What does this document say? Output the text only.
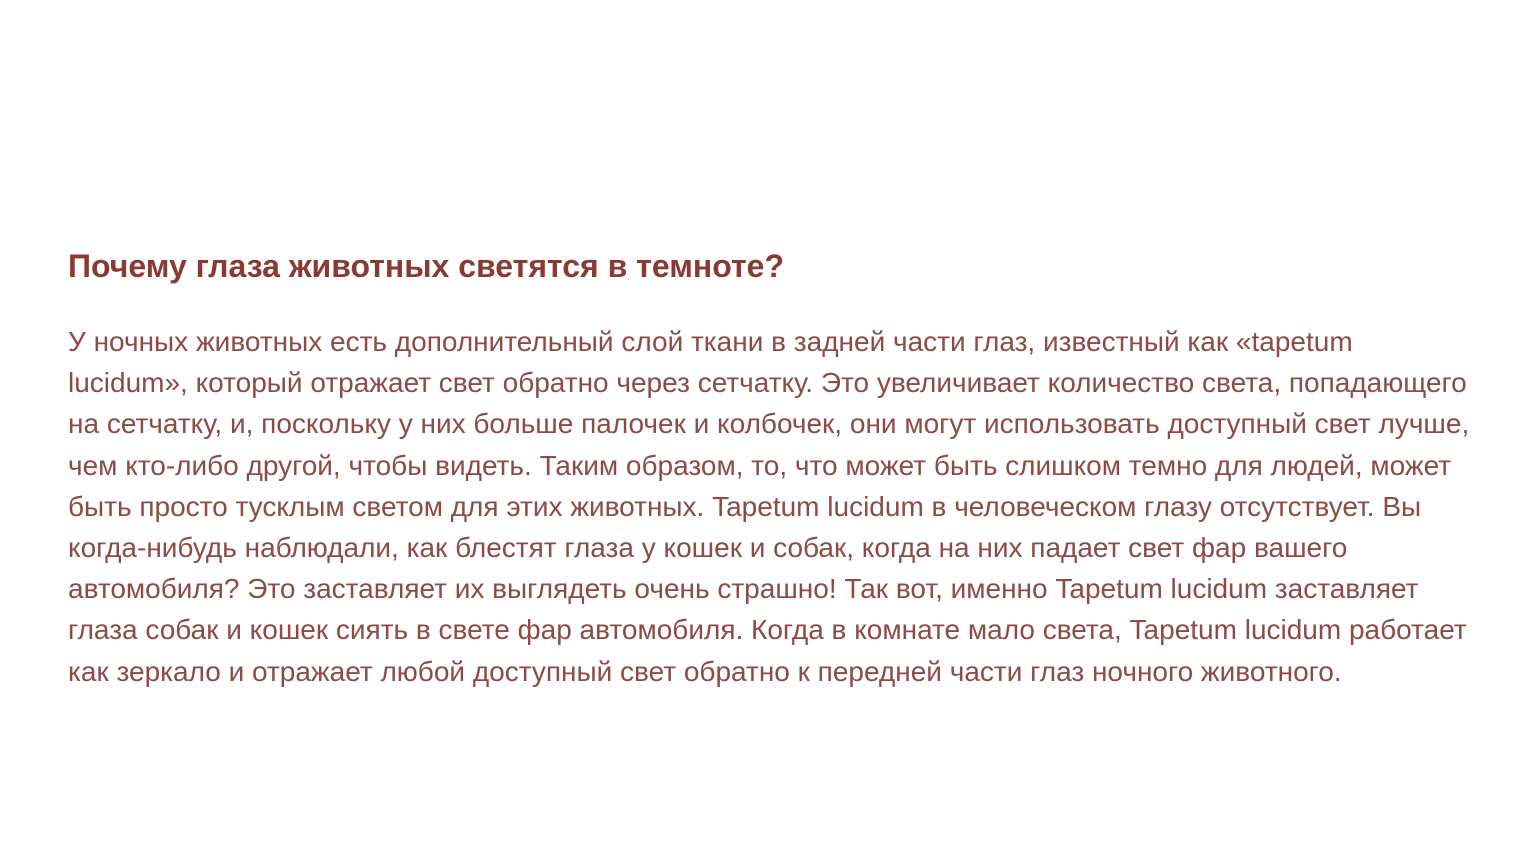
Почему глаза животных светятся в темноте?

У ночных животных есть дополнительный слой ткани в задней части глаз, известный как «tapetum lucidum», который отражает свет обратно через сетчатку. Это увеличивает количество света, попадающего на сетчатку, и, поскольку у них больше палочек и колбочек, они могут использовать доступный свет лучше, чем кто-либо другой, чтобы видеть. Таким образом, то, что может быть слишком темно для людей, может быть просто тусклым светом для этих животных. Tapetum lucidum в человеческом глазу отсутствует. Вы когда-нибудь наблюдали, как блестят глаза у кошек и собак, когда на них падает свет фар вашего автомобиля? Это заставляет их выглядеть очень страшно! Так вот, именно Tapetum lucidum заставляет глаза собак и кошек сиять в свете фар автомобиля. Когда в комнате мало света, Tapetum lucidum работает как зеркало и отражает любой доступный свет обратно к передней части глаз ночного животного.
